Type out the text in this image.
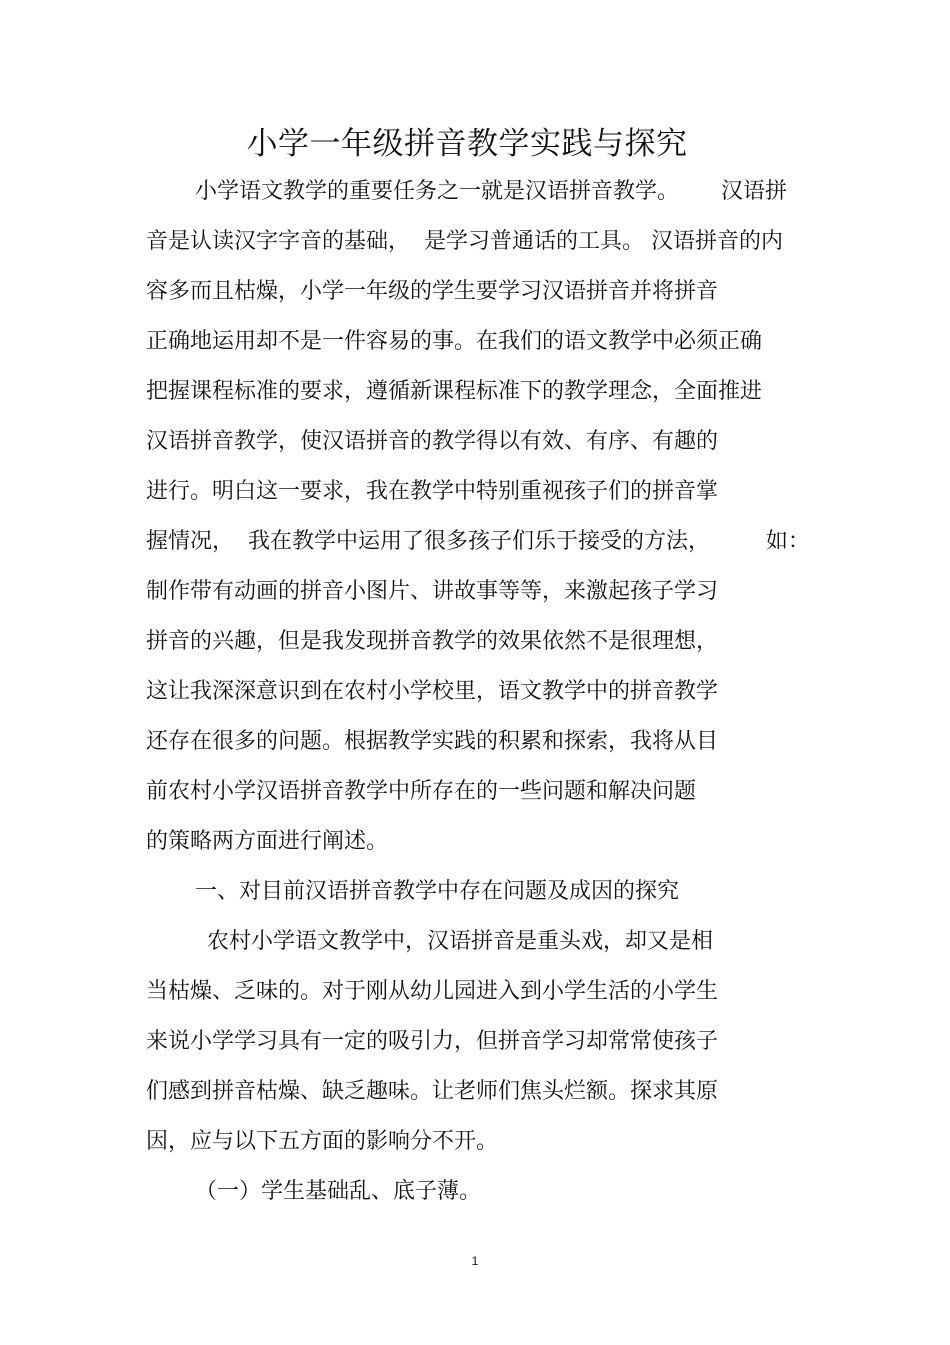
小学一年级拼音教学实践与探究
小学语文教学的重要任务之一就是汉语拼音教学。      汉语拼
音是认读汉字字音的基础，  是学习普通话的工具。 汉语拼音的内
容多而且枯燥，小学一年级的学生要学习汉语拼音并将拼音
正确地运用却不是一件容易的事。在我们的语文教学中必须正确
把握课程标准的要求，遵循新课程标准下的教学理念，全面推进
汉语拼音教学，使汉语拼音的教学得以有效、有序、有趣的
进行。明白这一要求，我在教学中特别重视孩子们的拼音掌
握情况，  我在教学中运用了很多孩子们乐于接受的方法，        如：
制作带有动画的拼音小图片、讲故事等等，来激起孩子学习
拼音的兴趣，但是我发现拼音教学的效果依然不是很理想，
这让我深深意识到在农村小学校里，语文教学中的拼音教学
还存在很多的问题。根据教学实践的积累和探索，我将从目
前农村小学汉语拼音教学中所存在的一些问题和解决问题
的策略两方面进行阐述。
一、对目前汉语拼音教学中存在问题及成因的探究
农村小学语文教学中，汉语拼音是重头戏，却又是相
当枯燥、乏味的。对于刚从幼儿园进入到小学生活的小学生
来说小学学习具有一定的吸引力，但拼音学习却常常使孩子
们感到拼音枯燥、缺乏趣味。让老师们焦头烂额。探求其原
因，应与以下五方面的影响分不开。
（一）学生基础乱、底子薄。
1
